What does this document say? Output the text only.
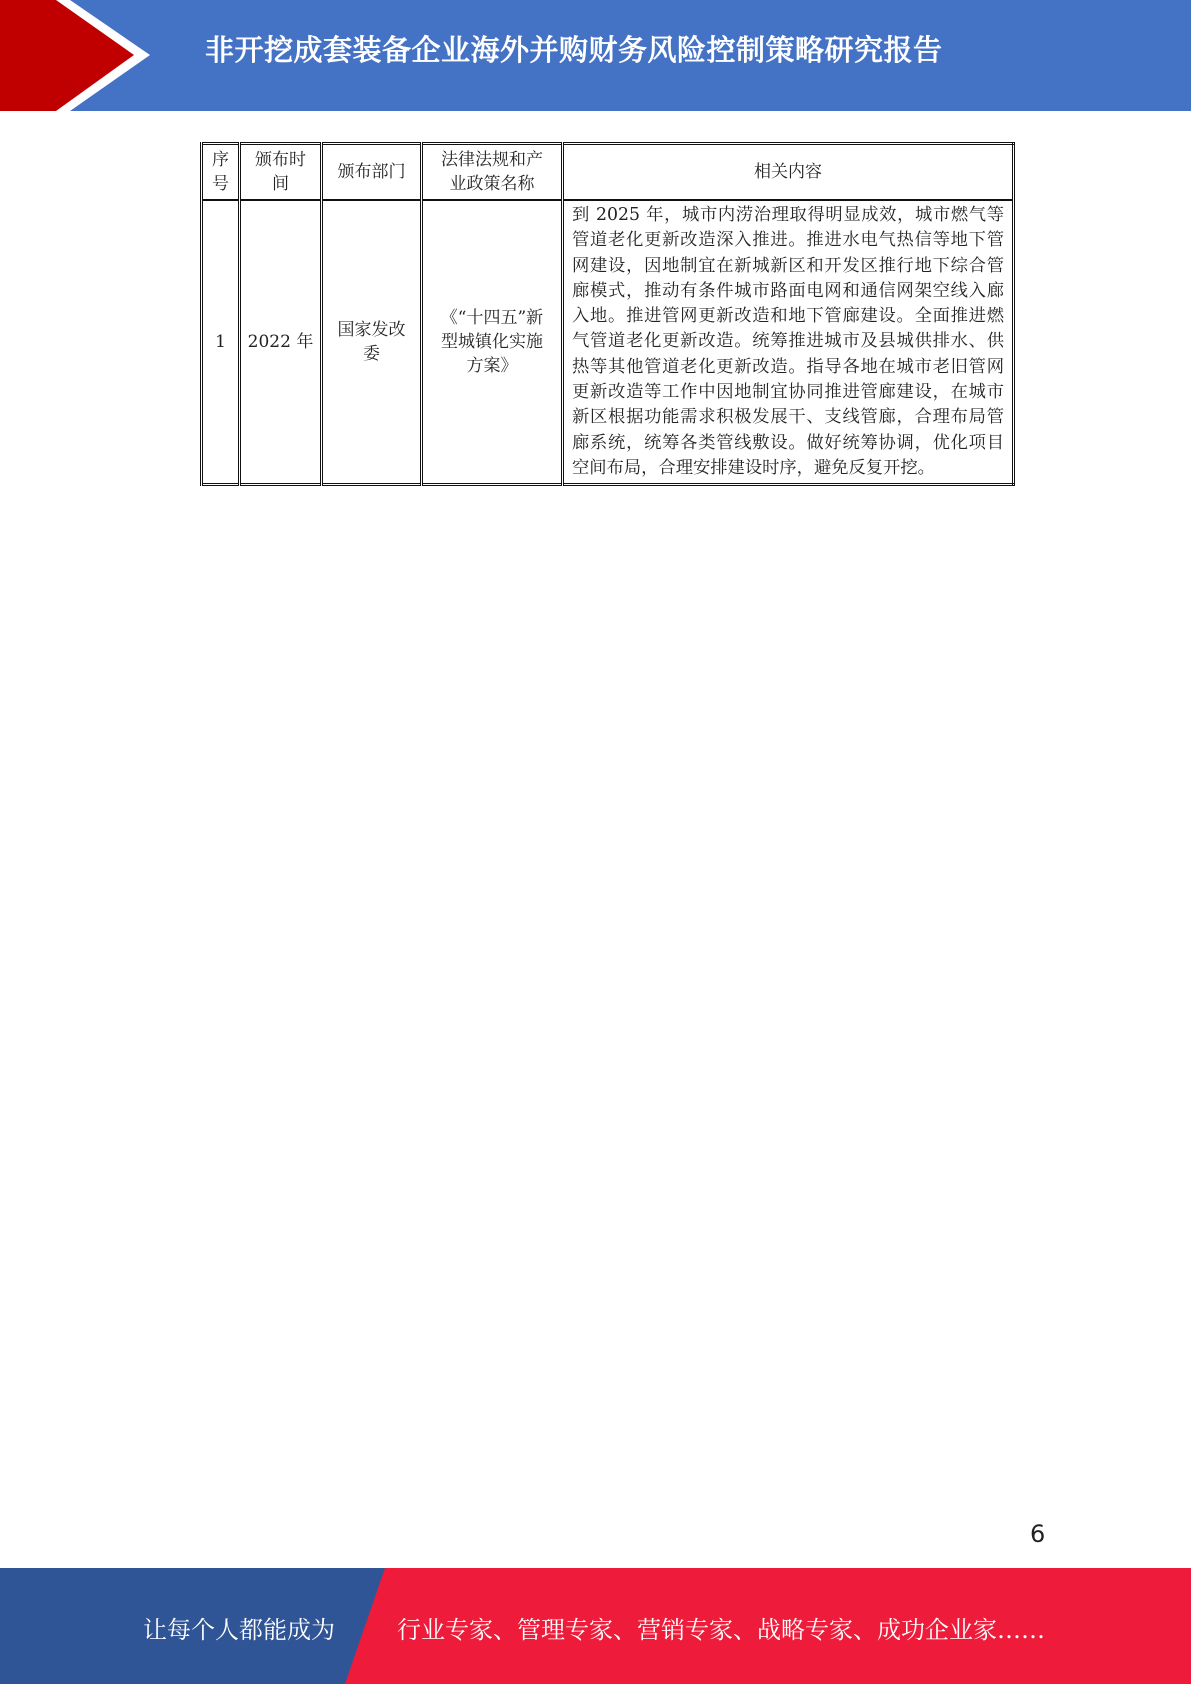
非开挖成套装备企业海外并购财务风险控制策略研究报告
序号	颁布时间	颁布部门	法律法规和产业政策名称	相关内容
1	2022 年	国家发改委	《“十四五”新型城镇化实施方案》	到 2025 年，城市内涝治理取得明显成效，城市燃气等管道老化更新改造深入推进。推进水电气热信等地下管网建设，因地制宜在新城新区和开发区推行地下综合管廊模式，推动有条件城市路面电网和通信网架空线入廊入地。推进管网更新改造和地下管廊建设。全面推进燃气管道老化更新改造。统筹推进城市及县城供排水、供热等其他管道老化更新改造。指导各地在城市老旧管网更新改造等工作中因地制宜协同推进管廊建设，在城市新区根据功能需求积极发展干、支线管廊，合理布局管廊系统，统筹各类管线敷设。做好统筹协调，优化项目空间布局，合理安排建设时序，避免反复开挖。
6
让每个人都能成为	行业专家、管理专家、营销专家、战略专家、成功企业家……
